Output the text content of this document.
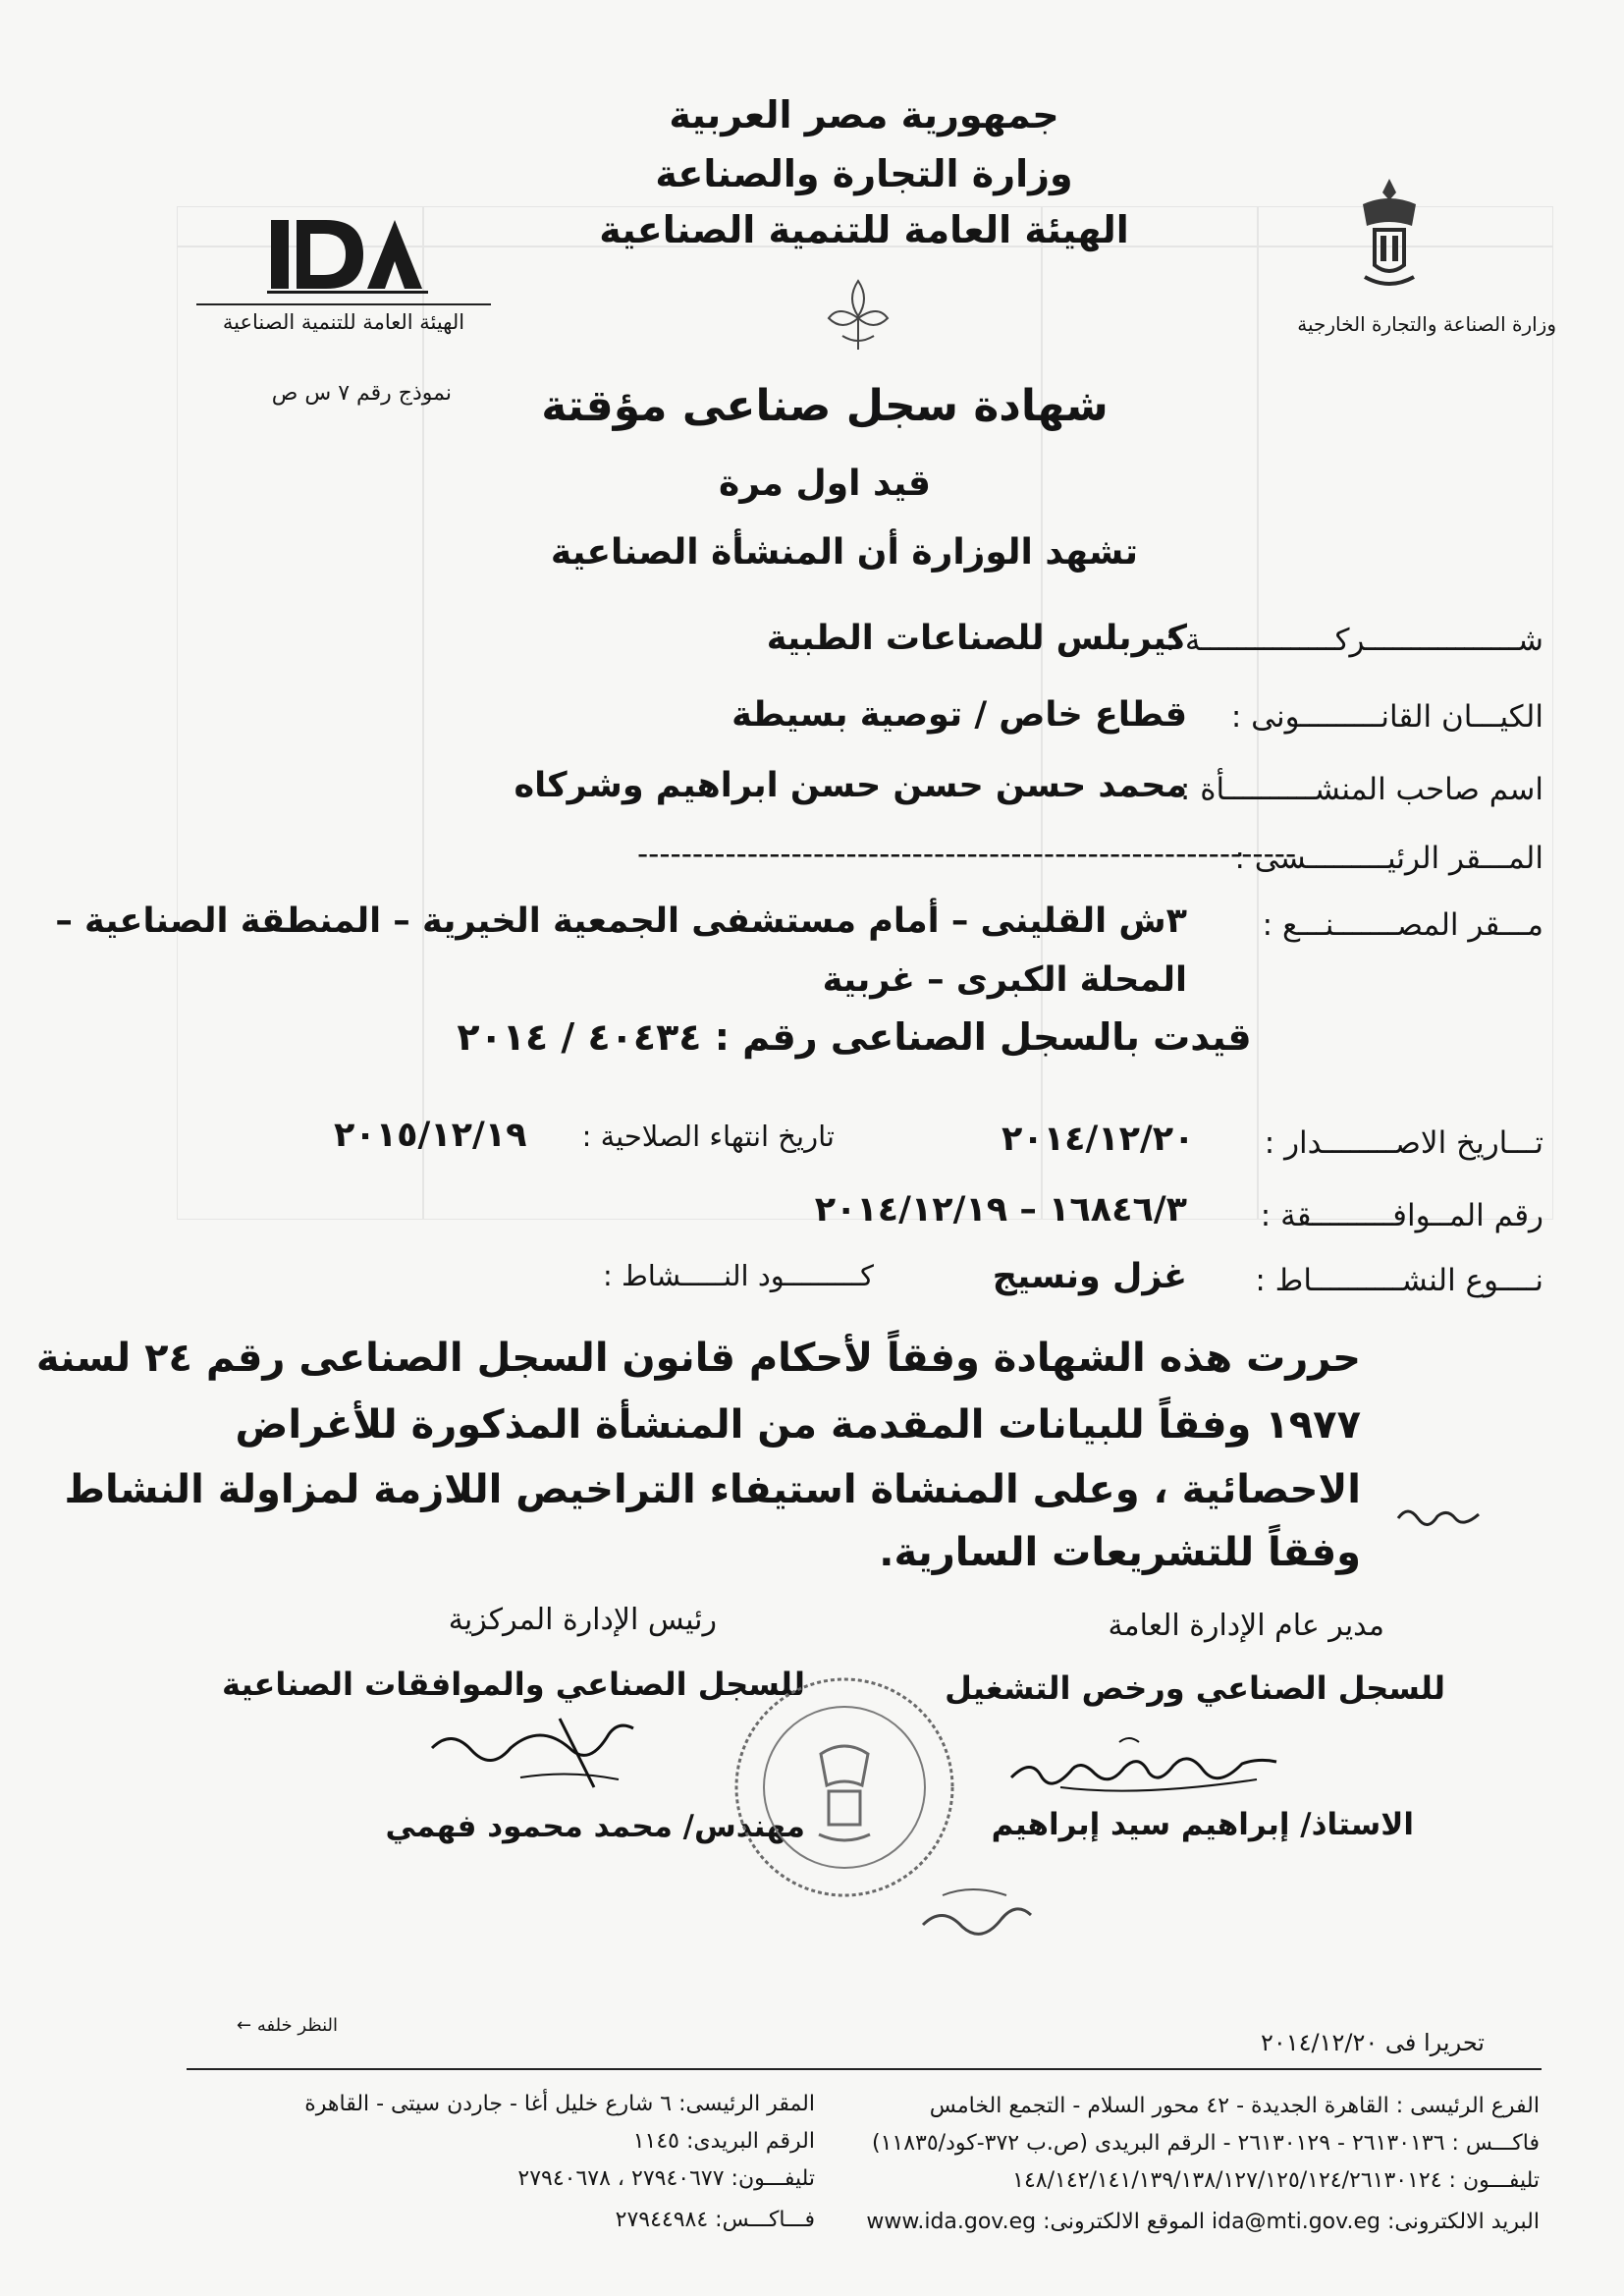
جمهورية مصر العربية
وزارة التجارة والصناعة
الهيئة العامة للتنمية الصناعية
الهيئة العامة للتنمية الصناعية
نموذج رقم ٧ س ص
وزارة الصناعة والتجارة الخارجية
شهادة سجل صناعى مؤقتة
قيد اول مرة
تشهد الوزارة أن المنشأة الصناعية
شـــــــــــــــــركـــــــــــــــة :
كيربلس للصناعات الطبية
الكيـــان القانـــــــــونى :
قطاع خاص / توصية بسيطة
اسم صاحب المنشــــــــــأة :
محمد حسن حسن حسن ابراهيم وشركاه
المـــقر الرئيـــــــــسى :
------------------------------------------------------------
مـــقر المصـــــــنـــع :
٣ش القلينى – أمام مستشفى الجمعية الخيرية – المنطقة الصناعية –
المحلة الكبرى – غربية
قيدت بالسجل الصناعى رقم : ٤٠٤٣٤ / ٢٠١٤
تـــاريخ الاصــــــــدار :
٢٠١٤/١٢/٢٠
تاريخ انتهاء الصلاحية :
٢٠١٥/١٢/١٩
رقم المــوافـــــــــقة :
١٦٨٤٦/٣ – ٢٠١٤/١٢/١٩
نــــوع النشــــــــــاط :
غزل ونسيج
كـــــــــود النـــــشاط :
حررت هذه الشهادة وفقاً لأحكام قانون السجل الصناعى رقم ٢٤ لسنة
١٩٧٧ وفقاً للبيانات المقدمة من المنشأة المذكورة للأغراض
الاحصائية ، وعلى المنشاة استيفاء التراخيص اللازمة لمزاولة النشاط
وفقاً للتشريعات السارية.
مدير عام الإدارة العامة
للسجل الصناعي ورخص التشغيل
الاستاذ/ إبراهيم سيد إبراهيم
رئيس الإدارة المركزية
للسجل الصناعي والموافقات الصناعية
مهندس/ محمد محمود فهمي
تحريرا فى ٢٠١٤/١٢/٢٠
النظر خلفه ←
الفرع الرئيسى : القاهرة الجديدة - ٤٢ محور السلام - التجمع الخامس
فاكـــس : ٢٦١٣٠١٣٦ - ٢٦١٣٠١٢٩ - الرقم البريدى (ص.ب ٣٧٢-كود/١١٨٣٥)
تليفـــون : ١٤٨/١٤٢/١٤١/١٣٩/١٣٨/١٢٧/١٢٥/١٢٤/٢٦١٣٠١٢٤
البريد الالكترونى: ida@mti.gov.eg الموقع الالكترونى: www.ida.gov.eg
المقر الرئيسى: ٦ شارع خليل أغا - جاردن سيتى - القاهرة
الرقم البريدى: ١١٤٥
تليفـــون: ٢٧٩٤٠٦٧٧ ، ٢٧٩٤٠٦٧٨
فـــاكـــس: ٢٧٩٤٤٩٨٤
